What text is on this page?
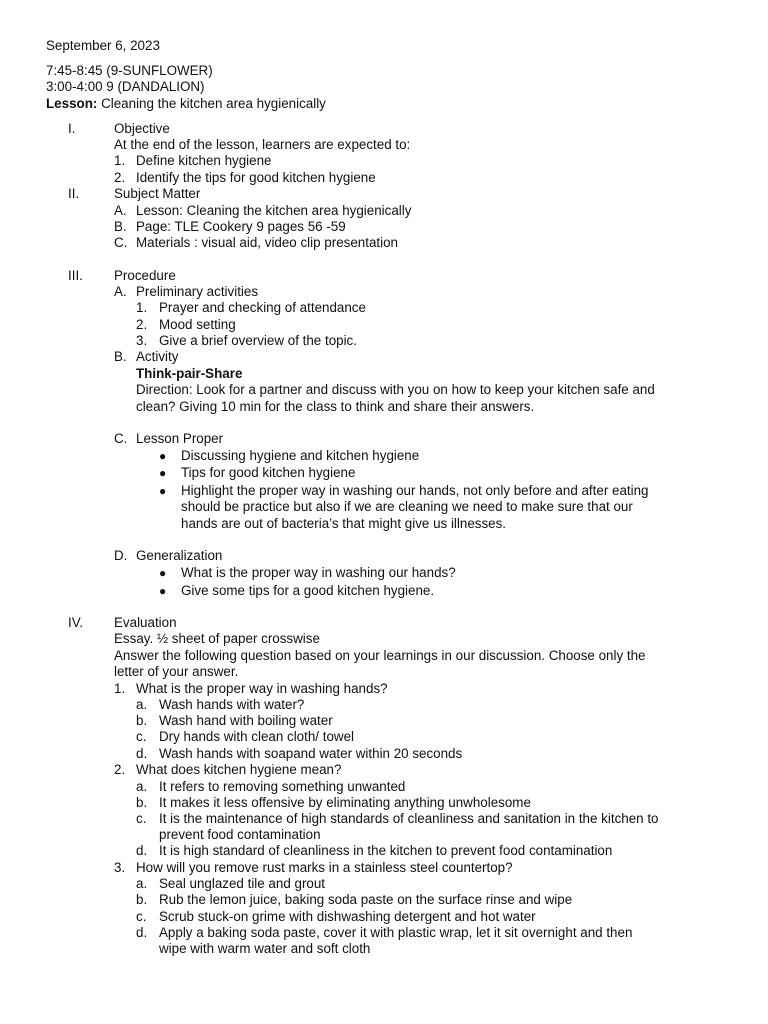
September 6, 2023
7:45-8:45 (9-SUNFLOWER)
3:00-4:00 9 (DANDALION)
Lesson: Cleaning the kitchen area hygienically
I.	Objective
At the end of the lesson, learners are expected to:
1. Define kitchen hygiene
2. Identify the tips for good kitchen hygiene
II.	Subject Matter
A. Lesson: Cleaning the kitchen area hygienically
B. Page: TLE Cookery 9 pages 56 -59
C. Materials : visual aid, video clip presentation
III. Procedure
A. Preliminary activities
1. Prayer and checking of attendance
2. Mood setting
3. Give a brief overview of the topic.
B. Activity
Think-pair-Share
Direction: Look for a partner and discuss with you on how to keep your kitchen safe and
clean? Giving 10 min for the class to think and share their answers.
C. Lesson Proper
● Discussing hygiene and kitchen hygiene
● Tips for good kitchen hygiene
● Highlight the proper way in washing our hands, not only before and after eating
should be practice but also if we are cleaning we need to make sure that our
hands are out of bacteria’s that might give us illnesses.
D. Generalization
● What is the proper way in washing our hands?
● Give some tips for a good kitchen hygiene.
IV. Evaluation
Essay. ½ sheet of paper crosswise
Answer the following question based on your learnings in our discussion. Choose only the
letter of your answer.
1. What is the proper way in washing hands?
a. Wash hands with water?
b. Wash hand with boiling water
c. Dry hands with clean cloth/ towel
d. Wash hands with soapand water within 20 seconds
2. What does kitchen hygiene mean?
a. It refers to removing something unwanted
b. It makes it less offensive by eliminating anything unwholesome
c. It is the maintenance of high standards of cleanliness and sanitation in the kitchen to
prevent food contamination
d. It is high standard of cleanliness in the kitchen to prevent food contamination
3. How will you remove rust marks in a stainless steel countertop?
a. Seal unglazed tile and grout
b. Rub the lemon juice, baking soda paste on the surface rinse and wipe
c. Scrub stuck-on grime with dishwashing detergent and hot water
d. Apply a baking soda paste, cover it with plastic wrap, let it sit overnight and then
wipe with warm water and soft cloth
